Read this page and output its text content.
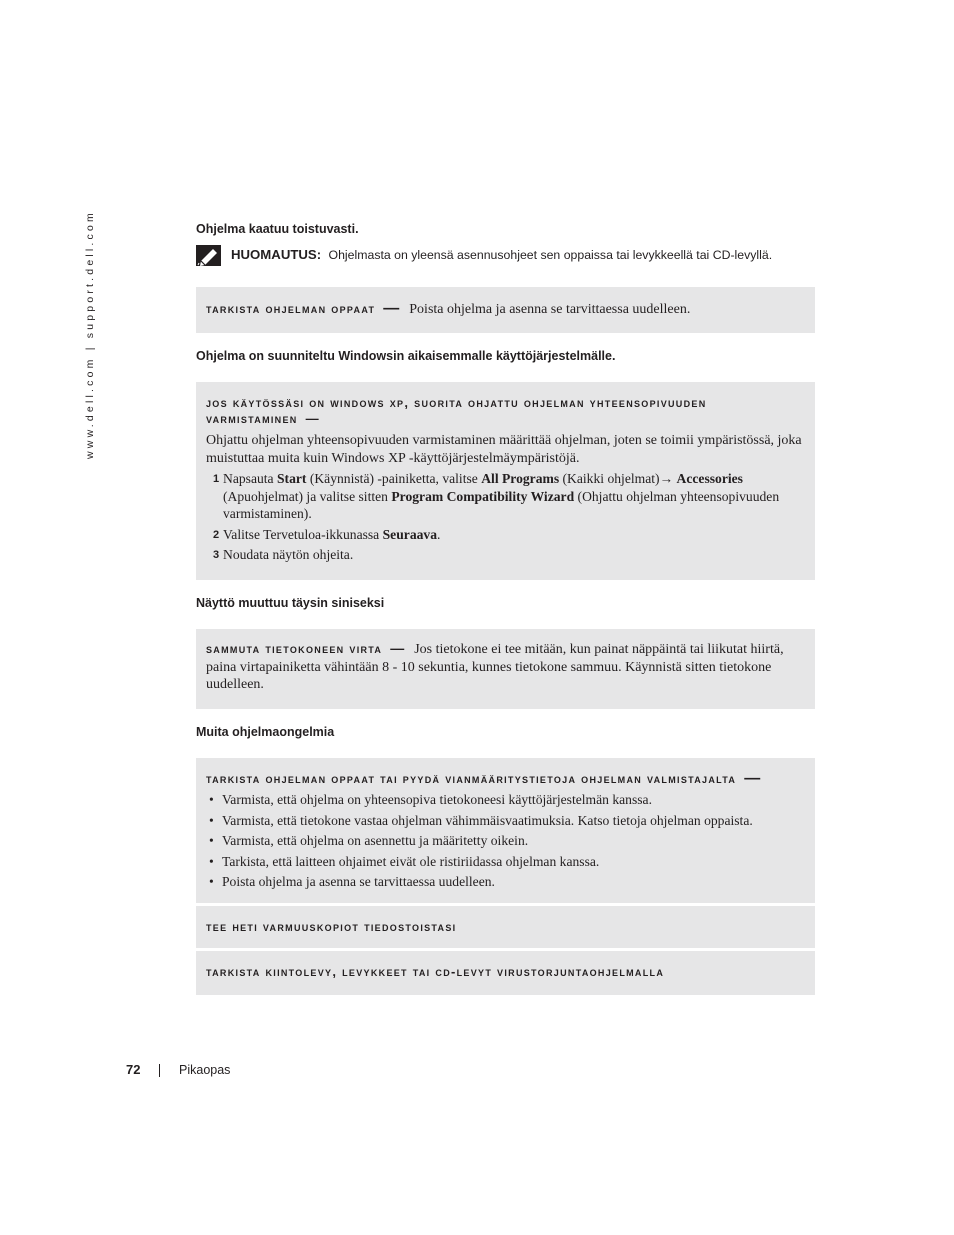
www.dell.com | support.dell.com	Ohjelma kaatuu toistuvasti.
HUOMAUTUS: Ohjelmasta on yleensä asennusohjeet sen oppaissa tai levykkeellä tai CD-levyllä.
tarkista ohjelman oppaat — Poista ohjelma ja asenna se tarvittaessa uudelleen.
Ohjelma on suunniteltu Windowsin aikaisemmalle käyttöjärjestelmälle.
jos käytössäsi on windows xp, suorita ohjattu ohjelman yhteensopivuuden
varmistaminen —
Ohjattu ohjelman yhteensopivuuden varmistaminen määrittää ohjelman, joten se toimii ympäristössä, joka muistuttaa muita kuin Windows XP -käyttöjärjestelmäympäristöjä.
1 Napsauta Start (Käynnistä) -painiketta, valitse All Programs (Kaikki ohjelmat)→ Accessories (Apuohjelmat) ja valitse sitten Program Compatibility Wizard (Ohjattu ohjelman yhteensopivuuden varmistaminen).
2 Valitse Tervetuloa-ikkunassa Seuraava.
3 Noudata näytön ohjeita.
Näyttö muuttuu täysin siniseksi
sammuta tietokoneen virta — Jos tietokone ei tee mitään, kun painat näppäintä tai liikutat hiirtä, paina virtapainiketta vähintään 8 - 10 sekuntia, kunnes tietokone sammuu. Käynnistä sitten tietokone uudelleen.
Muita ohjelmaongelmia
tarkista ohjelman oppaat tai pyydä vianmääritystietoja ohjelman valmistajalta —
• Varmista, että ohjelma on yhteensopiva tietokoneesi käyttöjärjestelmän kanssa.
• Varmista, että tietokone vastaa ohjelman vähimmäisvaatimuksia. Katso tietoja ohjelman oppaista.
• Varmista, että ohjelma on asennettu ja määritetty oikein.
• Tarkista, että laitteen ohjaimet eivät ole ristiriidassa ohjelman kanssa.
• Poista ohjelma ja asenna se tarvittaessa uudelleen.
tee heti varmuuskopiot tiedostoistasi
tarkista kiintolevy, levykkeet tai cd-levyt virustorjuntaohjelmalla
72	Pikaopas
